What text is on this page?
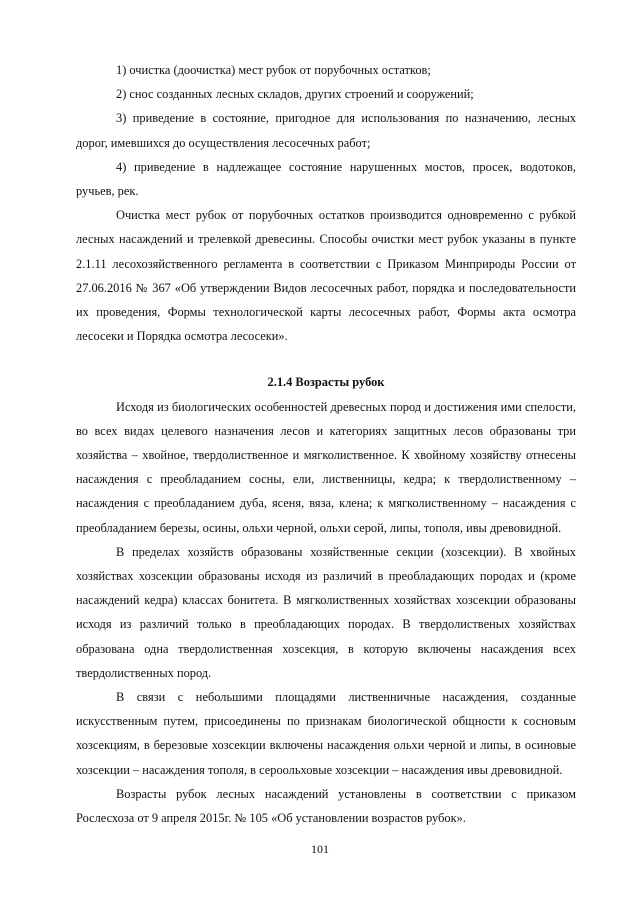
1) очистка (доочистка) мест рубок от порубочных остатков;

2) снос созданных лесных складов, других строений и сооружений;

3) приведение в состояние, пригодное для использования по назначению, лесных дорог, имевшихся до осуществления лесосечных работ;

4) приведение в надлежащее состояние нарушенных мостов, просек, водотоков, ручьев, рек.

Очистка мест рубок от порубочных остатков производится одновременно с рубкой лесных насаждений и трелевкой древесины. Способы очистки мест рубок указаны в пункте 2.1.11 лесохозяйственного регламента в соответствии с Приказом Минприроды России от 27.06.2016 № 367 «Об утверждении Видов лесосечных работ, порядка и последовательности их проведения, Формы технологической карты лесосечных работ, Формы акта осмотра лесосеки и Порядка осмотра лесосеки».

2.1.4 Возрасты рубок

Исходя из биологических особенностей древесных пород и достижения ими спелости, во всех видах целевого назначения лесов и категориях защитных лесов образованы три хозяйства – хвойное, твердолиственное и мягколиственное. К хвойному хозяйству отнесены насаждения с преобладанием сосны, ели, лиственницы, кедра; к твердолиственному – насаждения с преобладанием дуба, ясеня, вяза, клена; к мягколиственному – насаждения с преобладанием березы, осины, ольхи черной, ольхи серой, липы, тополя, ивы древовидной.

В пределах хозяйств образованы хозяйственные секции (хозсекции). В хвойных хозяйствах хозсекции образованы исходя из различий в преобладающих породах и (кроме насаждений кедра) классах бонитета. В мягколиственных хозяйствах хозсекции образованы исходя из различий только в преобладающих породах. В твердолиственых хозяйствах образована одна твердолиственная хозсекция, в которую включены насаждения всех твердолиственных пород.

В связи с небольшими площадями лиственничные насаждения, созданные искусственным путем, присоединены по признакам биологической общности к сосновым хозсекциям, в березовые хозсекции включены насаждения ольхи черной и липы, в осиновые хозсекции – насаждения тополя, в сероольховые хозсекции – насаждения ивы древовидной.

Возрасты рубок лесных насаждений установлены в соответствии с приказом Рослесхоза от 9 апреля 2015г. № 105 «Об установлении возрастов рубок».

101
